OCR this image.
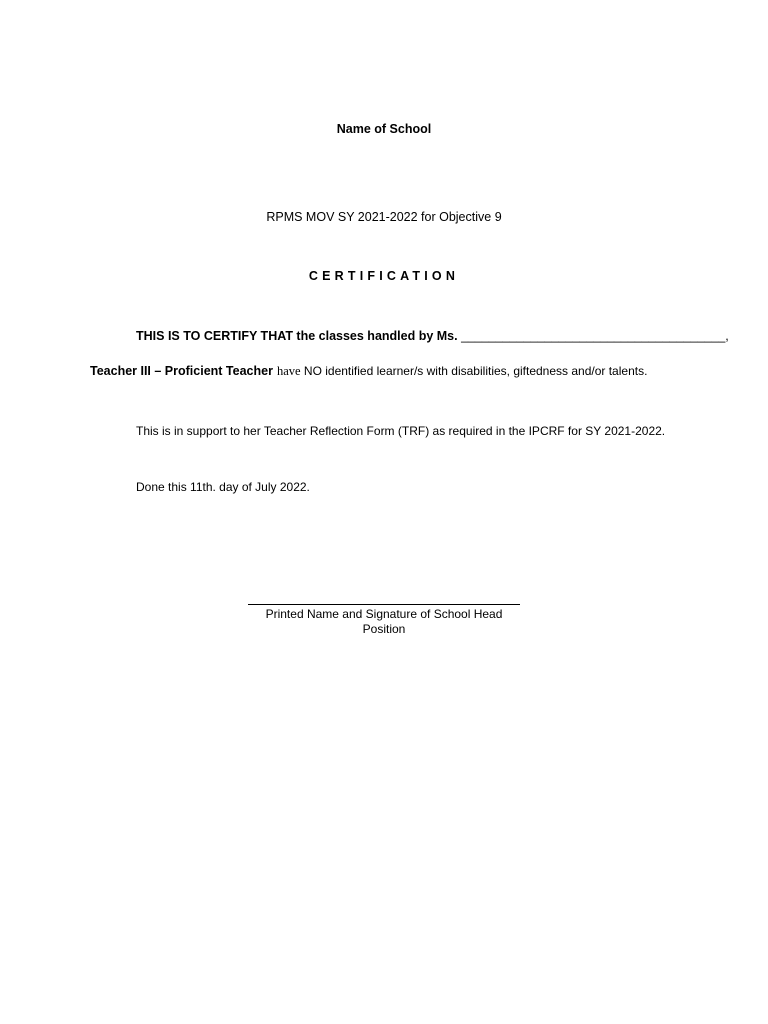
Name of School
RPMS MOV SY 2021-2022 for Objective 9
CERTIFICATION
THIS IS TO CERTIFY THAT the classes handled by Ms. ______________________________________,
Teacher III – Proficient Teacher have NO identified learner/s with disabilities, giftedness and/or talents.
This is in support to her Teacher Reflection Form (TRF) as required in the IPCRF for SY 2021-2022.
Done this 11th. day of July 2022.
Printed Name and Signature of School Head
Position
